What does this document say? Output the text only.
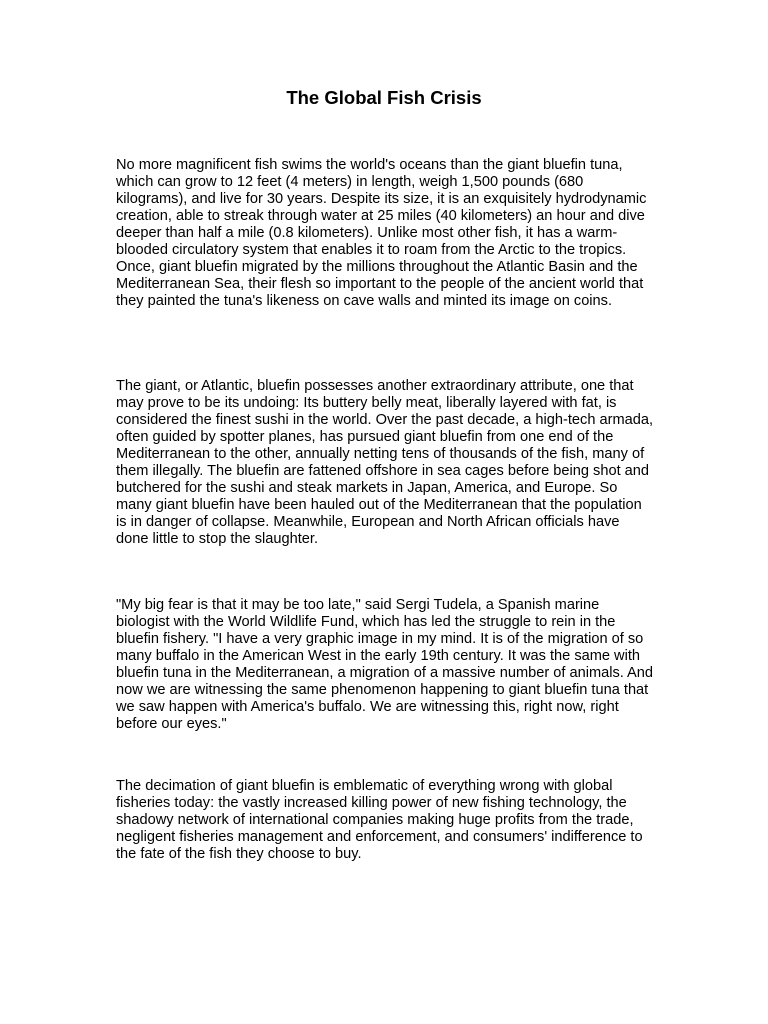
The Global Fish Crisis

No more magnificent fish swims the world's oceans than the giant bluefin tuna, which can grow to 12 feet (4 meters) in length, weigh 1,500 pounds (680 kilograms), and live for 30 years. Despite its size, it is an exquisitely hydrodynamic creation, able to streak through water at 25 miles (40 kilometers) an hour and dive deeper than half a mile (0.8 kilometers). Unlike most other fish, it has a warm-blooded circulatory system that enables it to roam from the Arctic to the tropics. Once, giant bluefin migrated by the millions throughout the Atlantic Basin and the Mediterranean Sea, their flesh so important to the people of the ancient world that they painted the tuna's likeness on cave walls and minted its image on coins.

The giant, or Atlantic, bluefin possesses another extraordinary attribute, one that may prove to be its undoing: Its buttery belly meat, liberally layered with fat, is considered the finest sushi in the world. Over the past decade, a high-tech armada, often guided by spotter planes, has pursued giant bluefin from one end of the Mediterranean to the other, annually netting tens of thousands of the fish, many of them illegally. The bluefin are fattened offshore in sea cages before being shot and butchered for the sushi and steak markets in Japan, America, and Europe. So many giant bluefin have been hauled out of the Mediterranean that the population is in danger of collapse. Meanwhile, European and North African officials have done little to stop the slaughter.

"My big fear is that it may be too late," said Sergi Tudela, a Spanish marine biologist with the World Wildlife Fund, which has led the struggle to rein in the bluefin fishery. "I have a very graphic image in my mind. It is of the migration of so many buffalo in the American West in the early 19th century. It was the same with bluefin tuna in the Mediterranean, a migration of a massive number of animals. And now we are witnessing the same phenomenon happening to giant bluefin tuna that we saw happen with America's buffalo. We are witnessing this, right now, right before our eyes."

The decimation of giant bluefin is emblematic of everything wrong with global fisheries today: the vastly increased killing power of new fishing technology, the shadowy network of international companies making huge profits from the trade, negligent fisheries management and enforcement, and consumers' indifference to the fate of the fish they choose to buy.
